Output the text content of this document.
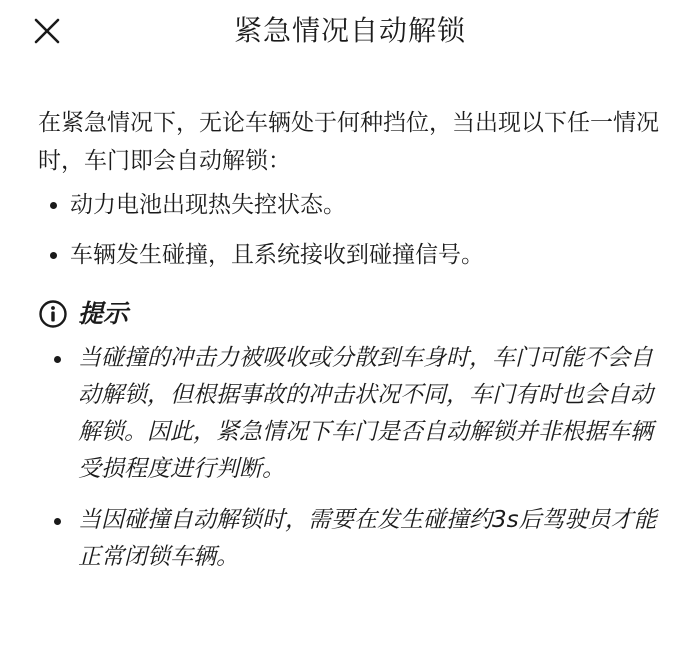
紧急情况自动解锁

在紧急情况下，无论车辆处于何种挡位，当出现以下任一情况时，车门即会自动解锁：

动力电池出现热失控状态。
车辆发生碰撞，且系统接收到碰撞信号。
提示
当碰撞的冲击力被吸收或分散到车身时，车门可能不会自动解锁，但根据事故的冲击状况不同，车门有时也会自动解锁。因此，紧急情况下车门是否自动解锁并非根据车辆受损程度进行判断。
当因碰撞自动解锁时，需要在发生碰撞约3s后驾驶员才能正常闭锁车辆。
